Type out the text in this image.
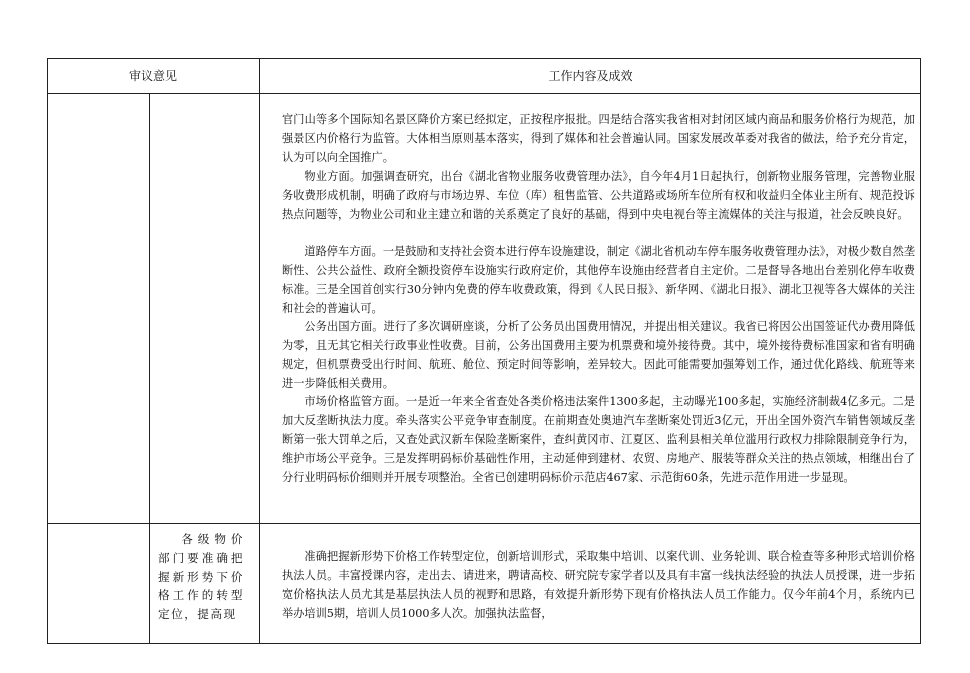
审议意见	工作内容及成效

官门山等多个国际知名景区降价方案已经拟定，正按程序报批。四是结合落实我省相对封闭区域内商品和服务价格行为规范，加强景区内价格行为监管。大体相当原则基本落实，得到了媒体和社会普遍认同。国家发展改革委对我省的做法，给予充分肯定，认为可以向全国推广。

物业方面。加强调查研究，出台《湖北省物业服务收费管理办法》，自今年4月1日起执行，创新物业服务管理，完善物业服务收费形成机制，明确了政府与市场边界、车位（库）租售监管、公共道路或场所车位所有权和收益归全体业主所有、规范投诉热点问题等，为物业公司和业主建立和谐的关系奠定了良好的基础，得到中央电视台等主流媒体的关注与报道，社会反映良好。

道路停车方面。一是鼓励和支持社会资本进行停车设施建设，制定《湖北省机动车停车服务收费管理办法》，对极少数自然垄断性、公共公益性、政府全额投资停车设施实行政府定价，其他停车设施由经营者自主定价。二是督导各地出台差别化停车收费标准。三是全国首创实行30分钟内免费的停车收费政策，得到《人民日报》、新华网、《湖北日报》、湖北卫视等各大媒体的关注和社会的普遍认可。

公务出国方面。进行了多次调研座谈，分析了公务员出国费用情况，并提出相关建议。我省已将因公出国签证代办费用降低为零，且无其它相关行政事业性收费。目前，公务出国费用主要为机票费和境外接待费。其中，境外接待费标准国家和省有明确规定，但机票费受出行时间、航班、舱位、预定时间等影响，差异较大。因此可能需要加强筹划工作，通过优化路线、航班等来进一步降低相关费用。

市场价格监管方面。一是近一年来全省查处各类价格违法案件1300多起，主动曝光100多起，实施经济制裁4亿多元。二是加大反垄断执法力度。牵头落实公平竞争审查制度。在前期查处奥迪汽车垄断案处罚近3亿元，开出全国外资汽车销售领域反垄断第一张大罚单之后，又查处武汉新车保险垄断案件，查纠黄冈市、江夏区、监利县相关单位滥用行政权力排除限制竞争行为，维护市场公平竞争。三是发挥明码标价基础性作用，主动延伸到建材、农贸、房地产、服装等群众关注的热点领域，相继出台了分行业明码标价细则并开展专项整治。全省已创建明码标价示范店467家、示范街60条，先进示范作用进一步显现。

各级物价部门要准确把握新形势下价格工作的转型定位，提高现

准确把握新形势下价格工作转型定位，创新培训形式，采取集中培训、以案代训、业务轮训、联合检查等多种形式培训价格执法人员。丰富授课内容，走出去、请进来，聘请高校、研究院专家学者以及具有丰富一线执法经验的执法人员授课，进一步拓宽价格执法人员尤其是基层执法人员的视野和思路，有效提升新形势下现有价格执法人员工作能力。仅今年前4个月，系统内已举办培训5期，培训人员1000多人次。加强执法监督，
